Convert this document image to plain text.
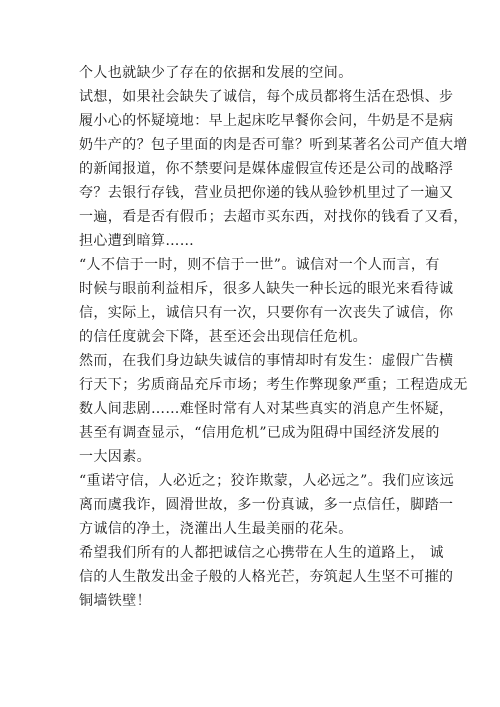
个人也就缺少了存在的依据和发展的空间。
试想，如果社会缺失了诚信，每个成员都将生活在恐惧、步
履小心的怀疑境地：早上起床吃早餐你会问，牛奶是不是病
奶牛产的？包子里面的肉是否可靠？听到某著名公司产值大增
的新闻报道，你不禁要问是媒体虚假宣传还是公司的战略浮
夸？去银行存钱，营业员把你递的钱从验钞机里过了一遍又
一遍，看是否有假币；去超市买东西，对找你的钱看了又看，
担心遭到暗算……
“人不信于一时，则不信于一世”。诚信对一个人而言，有
时候与眼前利益相斥，很多人缺失一种长远的眼光来看待诚
信，实际上，诚信只有一次，只要你有一次丧失了诚信，你
的信任度就会下降，甚至还会出现信任危机。
然而，在我们身边缺失诚信的事情却时有发生：虚假广告横
行天下；劣质商品充斥市场；考生作弊现象严重；工程造成无
数人间悲剧……难怪时常有人对某些真实的消息产生怀疑，
甚至有调查显示，“信用危机”已成为阻碍中国经济发展的
一大因素。
“重诺守信，人必近之；狡诈欺蒙，人必远之”。我们应该远
离而虞我诈，圆滑世故，多一份真诚，多一点信任，脚踏一
方诚信的净土，浇灌出人生最美丽的花朵。
希望我们所有的人都把诚信之心携带在人生的道路上， 诚
信的人生散发出金子般的人格光芒，夯筑起人生坚不可摧的
铜墙铁壁！
